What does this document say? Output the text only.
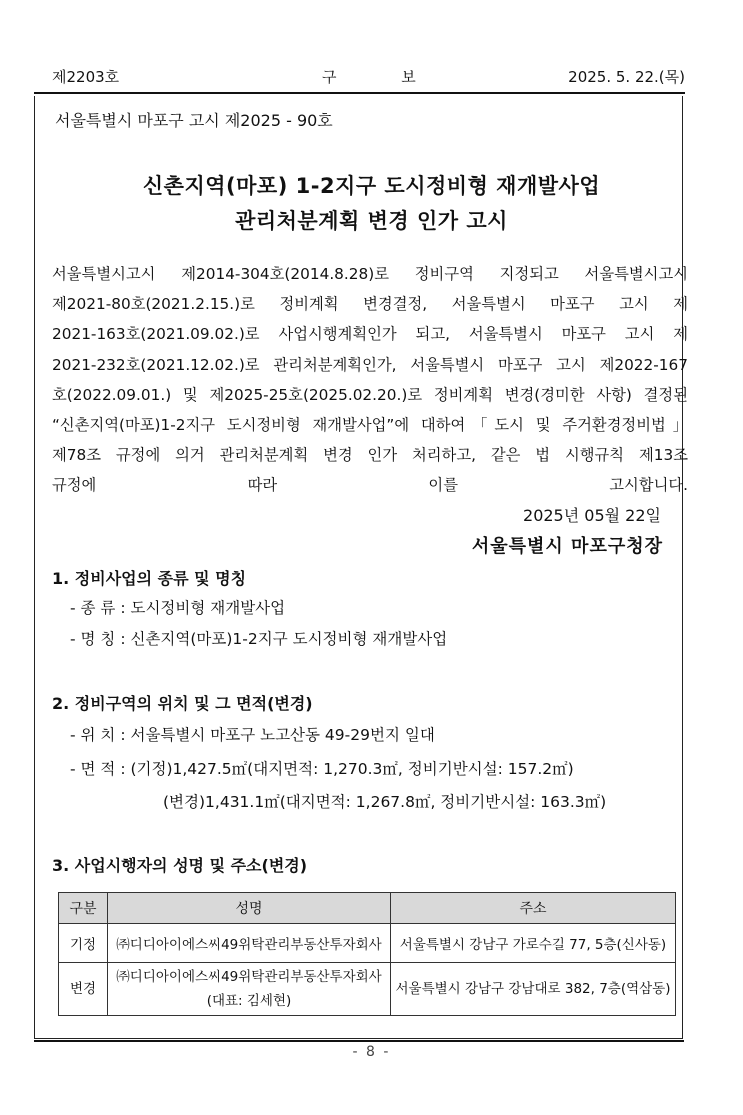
제2203호	구 보	2025. 5. 22.(목)
서울특별시 마포구 고시 제2025 - 90호
신촌지역(마포) 1-2지구 도시정비형 재개발사업
관리처분계획 변경 인가 고시
서울특별시고시 제2014-304호(2014.8.28)로 정비구역 지정되고 서울특별시고시
제2021-80호(2021.2.15.)로 정비계획 변경결정, 서울특별시 마포구 고시 제
2021-163호(2021.09.02.)로 사업시행계획인가 되고, 서울특별시 마포구 고시 제
2021-232호(2021.12.02.)로 관리처분계획인가, 서울특별시 마포구 고시 제2022-167
호(2022.09.01.) 및 제2025-25호(2025.02.20.)로 정비계획 변경(경미한 사항) 결정된
“신촌지역(마포)1-2지구 도시정비형 재개발사업”에 대하여「도시 및 주거환경정비법」
제78조 규정에 의거 관리처분계획 변경 인가 처리하고, 같은 법 시행규칙 제13조
규정에 따라 이를 고시합니다.
2025년 05월 22일
서울특별시 마포구청장
1. 정비사업의 종류 및 명칭
- 종 류 : 도시정비형 재개발사업
- 명 칭 : 신촌지역(마포)1-2지구 도시정비형 재개발사업
2. 정비구역의 위치 및 그 면적(변경)
- 위 치 : 서울특별시 마포구 노고산동 49-29번지 일대
- 면 적 : (기정)1,427.5㎡(대지면적: 1,270.3㎡, 정비기반시설: 157.2㎡)
(변경)1,431.1㎡(대지면적: 1,267.8㎡, 정비기반시설: 163.3㎡)
3. 사업시행자의 성명 및 주소(변경)
구분	성명	주소
기정	㈜디디아이에스씨49위탁관리부동산투자회사	서울특별시 강남구 가로수길 77, 5층(신사동)
변경	㈜디디아이에스씨49위탁관리부동산투자회사
(대표: 김세현)	서울특별시 강남구 강남대로 382, 7층(역삼동)
- 8 -
